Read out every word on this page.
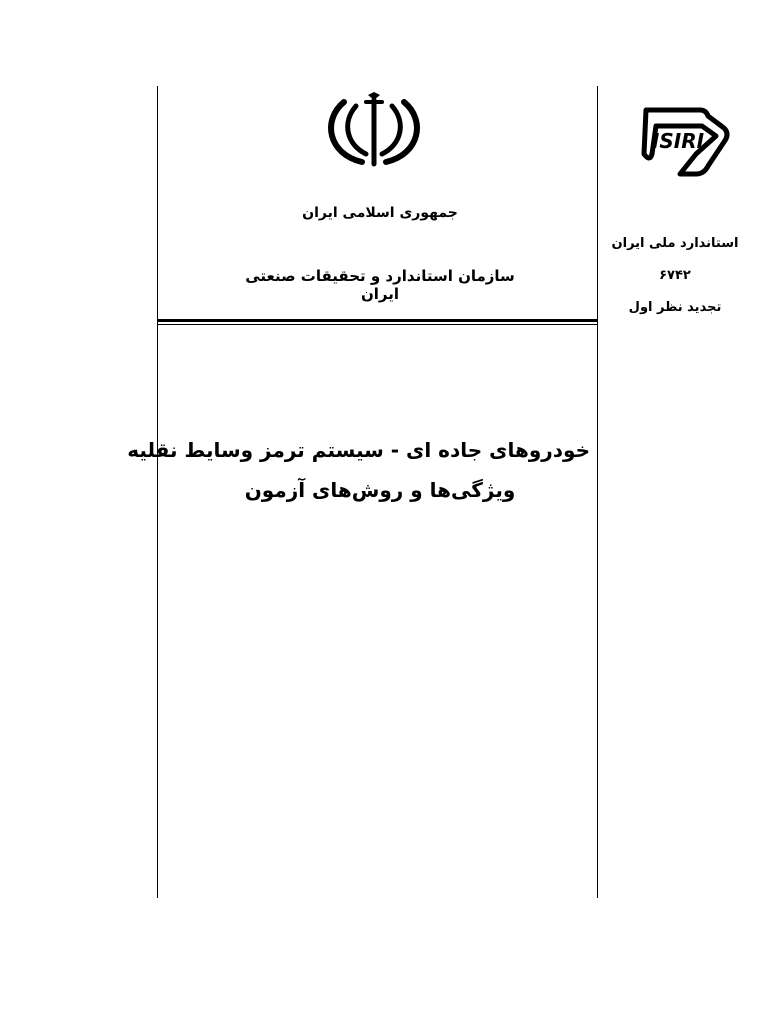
ISIRI
جمهوری اسلامی ایران
سازمان استاندارد و تحقیقات صنعتی ایران
استاندارد ملی ایران
۶۷۴۲
تجدید نظر اول
خودروهای جاده ای - سیستم ترمز وسایط نقلیه
ویژگی‌ها و روش‌های آزمون
